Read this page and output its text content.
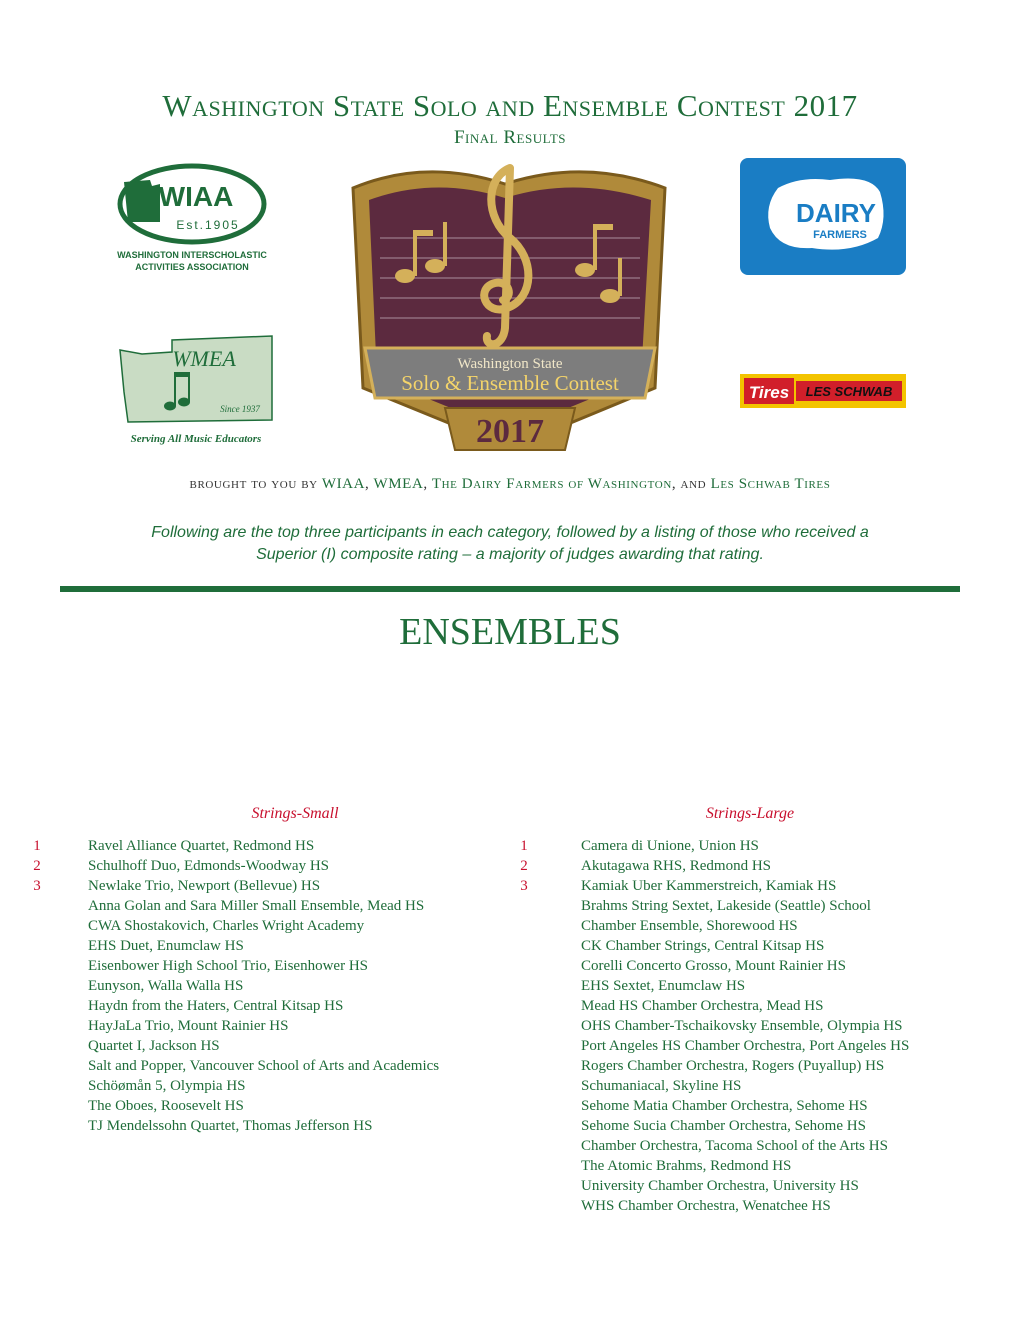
Washington State Solo and Ensemble Contest 2017
Final Results
WIAA
Est.1905
WASHINGTON INTERSCHOLASTIC
ACTIVITIES ASSOCIATION
WMEA
Since 1937
Serving All Music Educators
Washington State
Solo & Ensemble Contest
2017
DAIRY
FARMERS
Tires LES SCHWAB
brought to you by WIAA, WMEA, The Dairy Farmers of Washington, and Les Schwab Tires
Following are the top three participants in each category, followed by a listing of those who received a
Superior (I) composite rating – a majority of judges awarding that rating.
ENSEMBLES
Strings-Small
1	Ravel Alliance Quartet, Redmond HS
2	Schulhoff Duo, Edmonds-Woodway HS
3	Newlake Trio, Newport (Bellevue) HS
Anna Golan and Sara Miller Small Ensemble, Mead HS
CWA Shostakovich, Charles Wright Academy
EHS Duet, Enumclaw HS
Eisenbower High School Trio, Eisenhower HS
Eunyson, Walla Walla HS
Haydn from the Haters, Central Kitsap HS
HayJaLa Trio, Mount Rainier HS
Quartet I, Jackson HS
Salt and Popper, Vancouver School of Arts and Academics
Schöømån 5, Olympia HS
The Oboes, Roosevelt HS
TJ Mendelssohn Quartet, Thomas Jefferson HS
Strings-Large
1	Camera di Unione, Union HS
2	Akutagawa RHS, Redmond HS
3	Kamiak Uber Kammerstreich, Kamiak HS
Brahms String Sextet, Lakeside (Seattle) School
Chamber Ensemble, Shorewood HS
CK Chamber Strings, Central Kitsap HS
Corelli Concerto Grosso, Mount Rainier HS
EHS Sextet, Enumclaw HS
Mead HS Chamber Orchestra, Mead HS
OHS Chamber-Tschaikovsky Ensemble, Olympia HS
Port Angeles HS Chamber Orchestra, Port Angeles HS
Rogers Chamber Orchestra, Rogers (Puyallup) HS
Schumaniacal, Skyline HS
Sehome Matia Chamber Orchestra, Sehome HS
Sehome Sucia Chamber Orchestra, Sehome HS
Chamber Orchestra, Tacoma School of the Arts HS
The Atomic Brahms, Redmond HS
University Chamber Orchestra, University HS
WHS Chamber Orchestra, Wenatchee HS
